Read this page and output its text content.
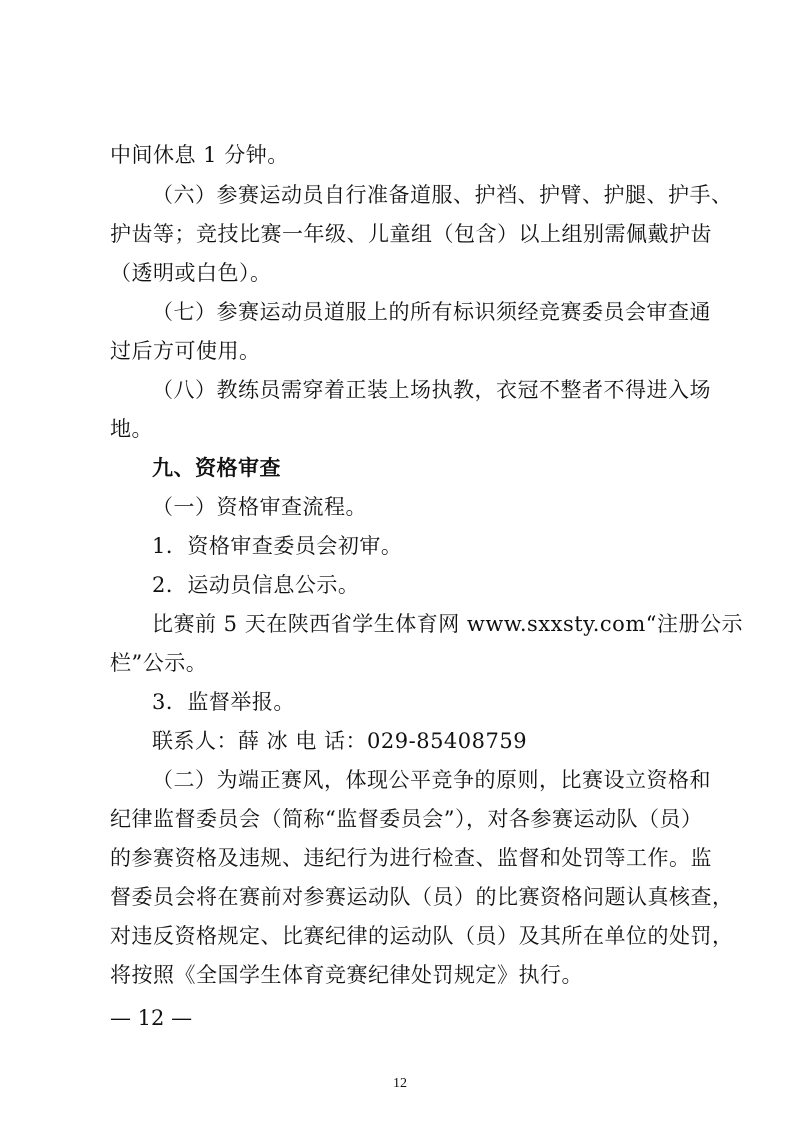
中间休息 1 分钟。
（六）参赛运动员自行准备道服、护裆、护臂、护腿、护手、
护齿等；竞技比赛一年级、儿童组（包含）以上组别需佩戴护齿
（透明或白色）。
（七）参赛运动员道服上的所有标识须经竞赛委员会审查通
过后方可使用。
（八）教练员需穿着正装上场执教，衣冠不整者不得进入场
地。
九、资格审查
（一）资格审查流程。
1．资格审查委员会初审。
2．运动员信息公示。
比赛前 5 天在陕西省学生体育网 www.sxxsty.com“注册公示
栏”公示。
3．监督举报。
联系人：薛 冰 电 话：029-85408759
（二）为端正赛风，体现公平竞争的原则，比赛设立资格和
纪律监督委员会（简称“监督委员会”），对各参赛运动队（员）
的参赛资格及违规、违纪行为进行检查、监督和处罚等工作。监
督委员会将在赛前对参赛运动队（员）的比赛资格问题认真核查，
对违反资格规定、比赛纪律的运动队（员）及其所在单位的处罚，
将按照《全国学生体育竞赛纪律处罚规定》执行。
— 12 —
12
